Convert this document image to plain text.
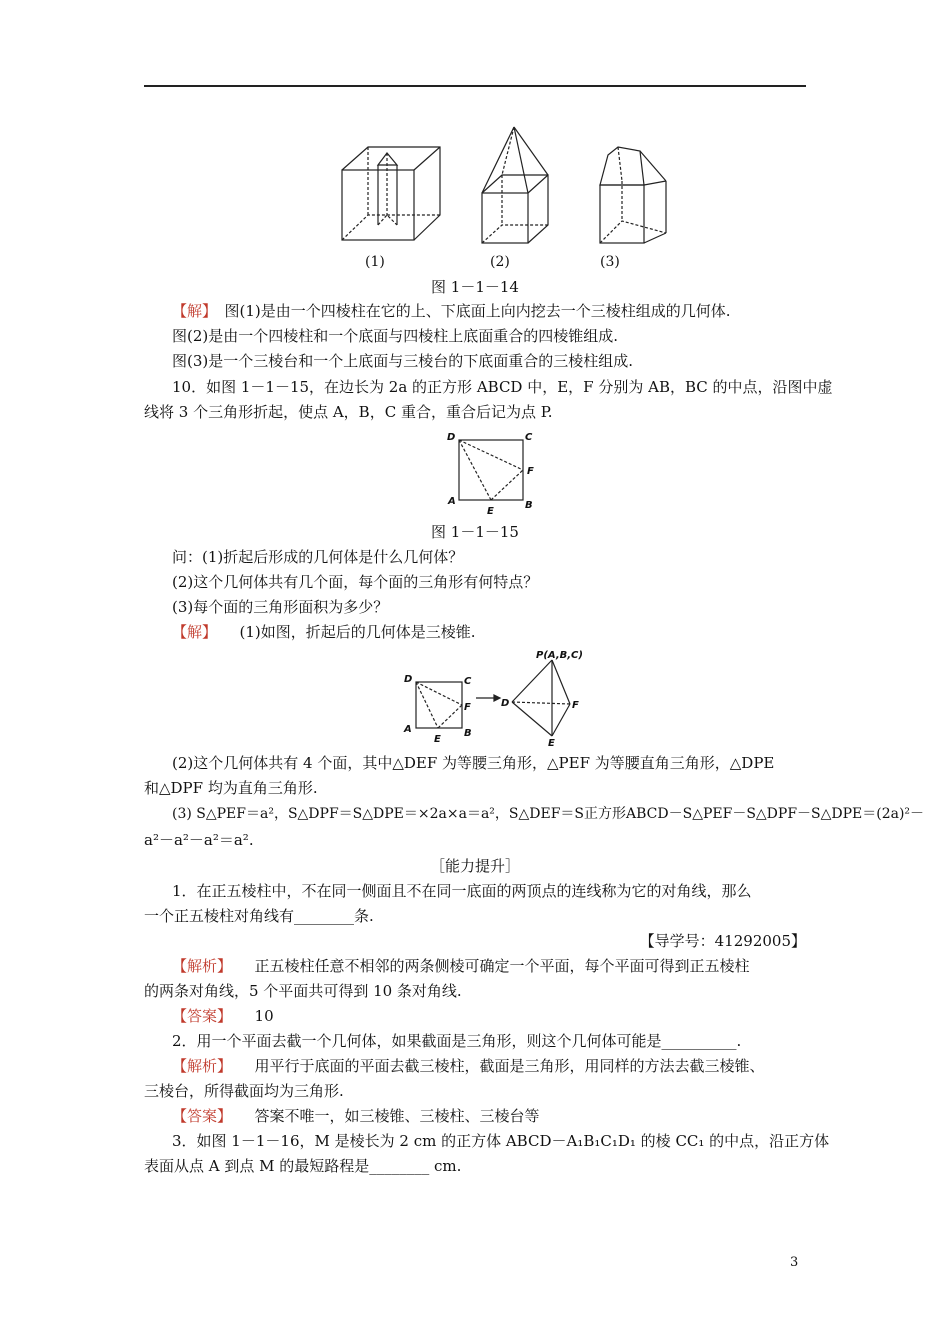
(1)	(2)	(3)
图 1－1－14
【解】　 图(1)是由一个四棱柱在它的上、下底面上向内挖去一个三棱柱组成的几何体.
图(2)是由一个四棱柱和一个底面与四棱柱上底面重合的四棱锥组成.
图(3)是一个三棱台和一个上底面与三棱台的下底面重合的三棱柱组成.
10．如图 1－1－15，在边长为 2a 的正方形 ABCD 中，E，F 分别为 AB，BC 的中点，沿图中虚
线将 3 个三角形折起，使点 A，B，C 重合，重合后记为点 P.
D	C
A	B
E
F
图 1－1－15
问：(1)折起后形成的几何体是什么几何体？
(2)这个几何体共有几个面，每个面的三角形有何特点？
(3)每个面的三角形面积为多少？
【解】　　 (1)如图，折起后的几何体是三棱锥.
D	C
A	B
E
F
P(A,B,C)
D	F
E
(2)这个几何体共有 4 个面，其中△DEF 为等腰三角形，△PEF 为等腰直角三角形，△DPE
和△DPF 均为直角三角形.
(3) S△PEF＝a²，S△DPF＝S△DPE＝×2a×a＝a²，S△DEF＝S正方形ABCD－S△PEF－S△DPF－S△DPE＝(2a)²－
a²－a²－a²＝a².
［能力提升］
1．在正五棱柱中，不在同一侧面且不在同一底面的两顶点的连线称为它的对角线，那么
一个正五棱柱对角线有________条.
【导学号：41292005】
【解析】　　 正五棱柱任意不相邻的两条侧棱可确定一个平面，每个平面可得到正五棱柱
的两条对角线，5 个平面共可得到 10 条对角线.
【答案】　　 10
2．用一个平面去截一个几何体，如果截面是三角形，则这个几何体可能是__________.
【解析】　　 用平行于底面的平面去截三棱柱，截面是三角形，用同样的方法去截三棱锥、
三棱台，所得截面均为三角形.
【答案】　　 答案不唯一，如三棱锥、三棱柱、三棱台等
3．如图 1－1－16，M 是棱长为 2 cm 的正方体 ABCD－A₁B₁C₁D₁ 的棱 CC₁ 的中点，沿正方体
表面从点 A 到点 M 的最短路程是________ cm.
3
